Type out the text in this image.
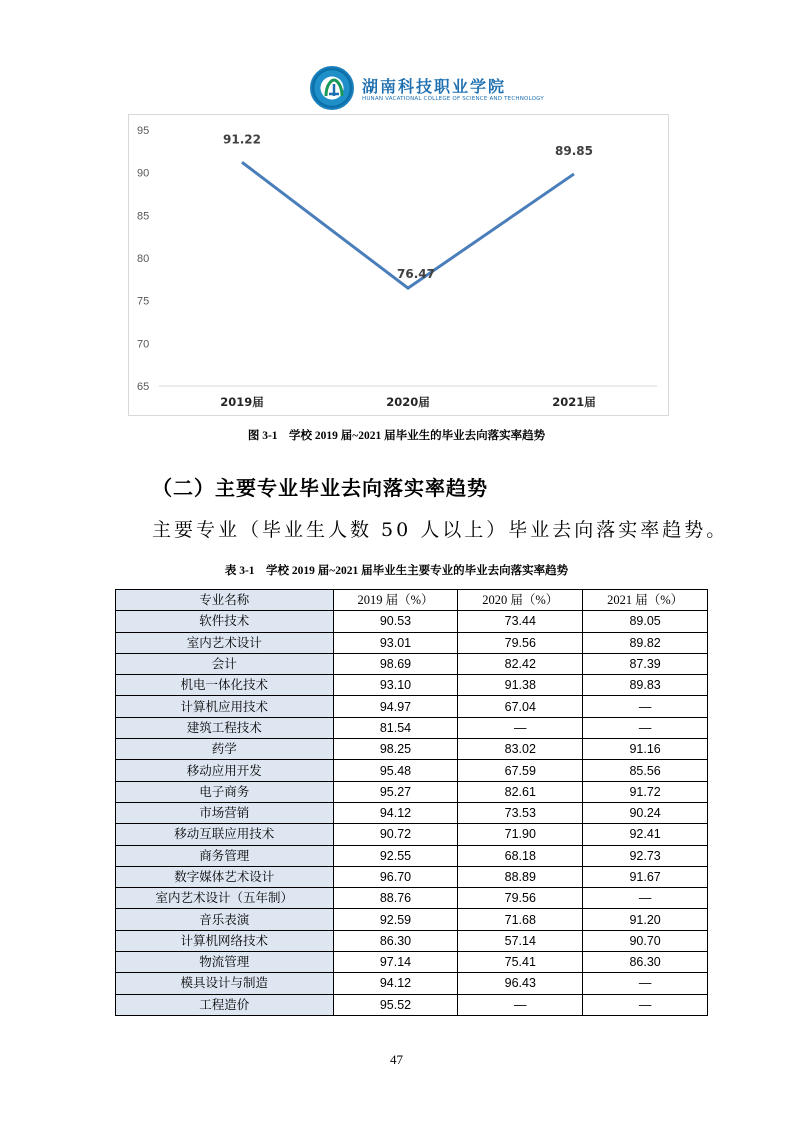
湖南科技职业学院
HUNAN VACATIONAL COLLEGE OF SCIENCE AND TECHNOLOGY
95
90
85
80
75
70
65
2019届	2020届	2021届
91.22
76.47
89.85
图 3-1　学校 2019 届~2021 届毕业生的毕业去向落实率趋势
（二）主要专业毕业去向落实率趋势
主要专业（毕业生人数 50 人以上）毕业去向落实率趋势。
表 3-1　学校 2019 届~2021 届毕业生主要专业的毕业去向落实率趋势
专业名称	2019 届（%）	2020 届（%）	2021 届（%）
软件技术	90.53	73.44	89.05
室内艺术设计	93.01	79.56	89.82
会计	98.69	82.42	87.39
机电一体化技术	93.10	91.38	89.83
计算机应用技术	94.97	67.04	—
建筑工程技术	81.54	—	—
药学	98.25	83.02	91.16
移动应用开发	95.48	67.59	85.56
电子商务	95.27	82.61	91.72
市场营销	94.12	73.53	90.24
移动互联应用技术	90.72	71.90	92.41
商务管理	92.55	68.18	92.73
数字媒体艺术设计	96.70	88.89	91.67
室内艺术设计（五年制）	88.76	79.56	—
音乐表演	92.59	71.68	91.20
计算机网络技术	86.30	57.14	90.70
物流管理	97.14	75.41	86.30
模具设计与制造	94.12	96.43	—
工程造价	95.52	—	—
47
